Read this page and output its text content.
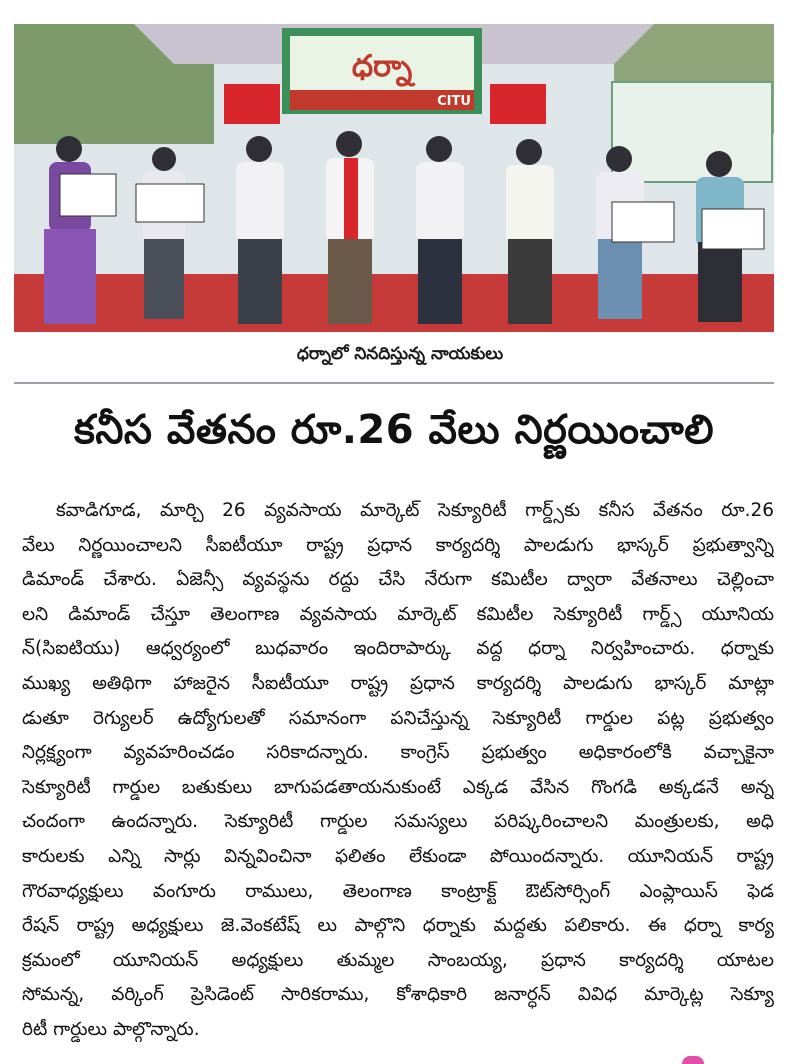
ధర్నా
CITU
ధర్నాలో నినదిస్తున్న నాయకులు
కనీస వేతనం రూ.26 వేలు నిర్ణయించాలి
కవాడిగూడ, మార్చి 26 వ్యవసాయ మార్కెట్ సెక్యూరిటీ గార్డ్స్‌కు కనీస వేతనం రూ.26
వేలు నిర్ణయించాలని సీఐటీయూ రాష్ట్ర ప్రధాన కార్యదర్శి పాలడుగు భాస్కర్ ప్రభుత్వాన్ని
డిమాండ్ చేశారు. ఏజెన్సీ వ్యవస్థను రద్దు చేసి నేరుగా కమిటీల ద్వారా వేతనాలు చెల్లించా
లని డిమాండ్ చేస్తూ తెలంగాణ వ్యవసాయ మార్కెట్ కమిటీల సెక్యూరిటీ గార్డ్స్ యూనియ
న్(సిఐటియు) ఆధ్వర్యంలో బుధవారం ఇందిరాపార్కు వద్ద ధర్నా నిర్వహించారు. ధర్నాకు
ముఖ్య అతిథిగా హాజరైన సీఐటీయూ రాష్ట్ర ప్రధాన కార్యదర్శి పాలడుగు భాస్కర్ మాట్లా
డుతూ రెగ్యులర్ ఉద్యోగులతో సమానంగా పనిచేస్తున్న సెక్యూరిటీ గార్డుల పట్ల ప్రభుత్వం
నిర్లక్ష్యంగా వ్యవహరించడం సరికాదన్నారు. కాంగ్రెస్ ప్రభుత్వం అధికారంలోకి వచ్చాకైనా
సెక్యూరిటీ గార్డుల బతుకులు బాగుపడతాయనుకుంటే ఎక్కడ వేసిన గొంగడి అక్కడనే అన్న
చందంగా ఉందన్నారు. సెక్యూరిటీ గార్డుల సమస్యలు పరిష్కరించాలని మంత్రులకు, అధి
కారులకు ఎన్ని సార్లు విన్నవించినా ఫలితం లేకుండా పోయిందన్నారు. యూనియన్ రాష్ట్ర
గౌరవాధ్యక్షులు వంగూరు రాములు, తెలంగాణ కాంట్రాక్ట్ ఔట్‌సోర్సింగ్ ఎంప్లాయిస్ ఫెడ
రేషన్ రాష్ట్ర అధ్యక్షులు జె.వెంకటేష్ లు పాల్గొని ధర్నాకు మద్దతు పలికారు. ఈ ధర్నా కార్య
క్రమంలో యూనియన్ అధ్యక్షులు తుమ్మల సాంబయ్య, ప్రధాన కార్యదర్శి యాటల
సోమన్న, వర్కింగ్ ప్రెసిడెంట్ సారికరాము, కోశాధికారి జనార్ధన్ వివిధ మార్కెట్ల సెక్యూ
రిటీ గార్డులు పాల్గొన్నారు.
